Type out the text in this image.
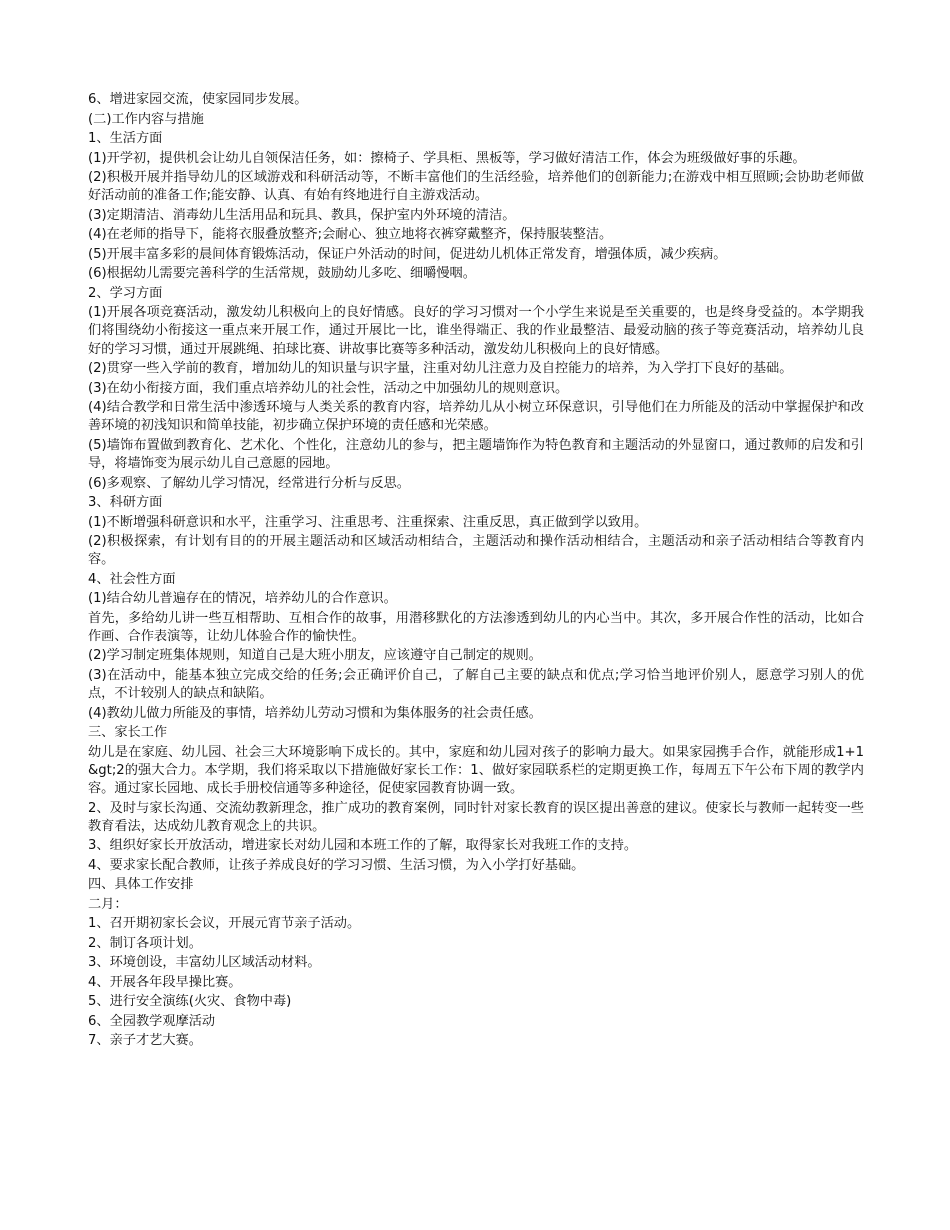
6、增进家园交流，使家园同步发展。

(二)工作内容与措施

1、生活方面

(1)开学初，提供机会让幼儿自领保洁任务，如：擦椅子、学具柜、黑板等，学习做好清洁工作，体会为班级做好事的乐趣。

(2)积极开展并指导幼儿的区域游戏和科研活动等，不断丰富他们的生活经验，培养他们的创新能力;在游戏中相互照顾;会协助老师做好活动前的准备工作;能安静、认真、有始有终地进行自主游戏活动。

(3)定期清洁、消毒幼儿生活用品和玩具、教具，保护室内外环境的清洁。

(4)在老师的指导下，能将衣服叠放整齐;会耐心、独立地将衣裤穿戴整齐，保持服装整洁。

(5)开展丰富多彩的晨间体育锻炼活动，保证户外活动的时间，促进幼儿机体正常发育，增强体质，减少疾病。

(6)根据幼儿需要完善科学的生活常规，鼓励幼儿多吃、细嚼慢咽。

2、学习方面

(1)开展各项竞赛活动，激发幼儿积极向上的良好情感。良好的学习习惯对一个小学生来说是至关重要的，也是终身受益的。本学期我们将围绕幼小衔接这一重点来开展工作，通过开展比一比，谁坐得端正、我的作业最整洁、最爱动脑的孩子等竞赛活动，培养幼儿良好的学习习惯，通过开展跳绳、拍球比赛、讲故事比赛等多种活动，激发幼儿积极向上的良好情感。

(2)贯穿一些入学前的教育，增加幼儿的知识量与识字量，注重对幼儿注意力及自控能力的培养，为入学打下良好的基础。

(3)在幼小衔接方面，我们重点培养幼儿的社会性，活动之中加强幼儿的规则意识。

(4)结合教学和日常生活中渗透环境与人类关系的教育内容，培养幼儿从小树立环保意识，引导他们在力所能及的活动中掌握保护和改善环境的初浅知识和简单技能，初步确立保护环境的责任感和光荣感。

(5)墙饰布置做到教育化、艺术化、个性化，注意幼儿的参与，把主题墙饰作为特色教育和主题活动的外显窗口，通过教师的启发和引导，将墙饰变为展示幼儿自己意愿的园地。

(6)多观察、了解幼儿学习情况，经常进行分析与反思。

3、科研方面

(1)不断增强科研意识和水平，注重学习、注重思考、注重探索、注重反思，真正做到学以致用。

(2)积极探索，有计划有目的的开展主题活动和区域活动相结合，主题活动和操作活动相结合，主题活动和亲子活动相结合等教育内容。

4、社会性方面

(1)结合幼儿普遍存在的情况，培养幼儿的合作意识。

首先，多给幼儿讲一些互相帮助、互相合作的故事，用潜移默化的方法渗透到幼儿的内心当中。其次，多开展合作性的活动，比如合作画、合作表演等，让幼儿体验合作的愉快性。

(2)学习制定班集体规则，知道自己是大班小朋友，应该遵守自己制定的规则。

(3)在活动中，能基本独立完成交给的任务;会正确评价自己，了解自己主要的缺点和优点;学习恰当地评价别人，愿意学习别人的优点，不计较别人的缺点和缺陷。

(4)教幼儿做力所能及的事情，培养幼儿劳动习惯和为集体服务的社会责任感。

三、家长工作

幼儿是在家庭、幼儿园、社会三大环境影响下成长的。其中，家庭和幼儿园对孩子的影响力最大。如果家园携手合作，就能形成1+1&gt;2的强大合力。本学期，我们将采取以下措施做好家长工作：1、做好家园联系栏的定期更换工作，每周五下午公布下周的教学内容。通过家长园地、成长手册校信通等多种途径，促使家园教育协调一致。

2、及时与家长沟通、交流幼教新理念，推广成功的教育案例，同时针对家长教育的误区提出善意的建议。使家长与教师一起转变一些教育看法，达成幼儿教育观念上的共识。

3、组织好家长开放活动，增进家长对幼儿园和本班工作的了解，取得家长对我班工作的支持。

4、要求家长配合教师，让孩子养成良好的学习习惯、生活习惯，为入小学打好基础。

四、具体工作安排

二月：

1、召开期初家长会议，开展元宵节亲子活动。

2、制订各项计划。

3、环境创设，丰富幼儿区域活动材料。

4、开展各年段早操比赛。

5、进行安全演练(火灾、食物中毒)

6、全园教学观摩活动

7、亲子才艺大赛。
